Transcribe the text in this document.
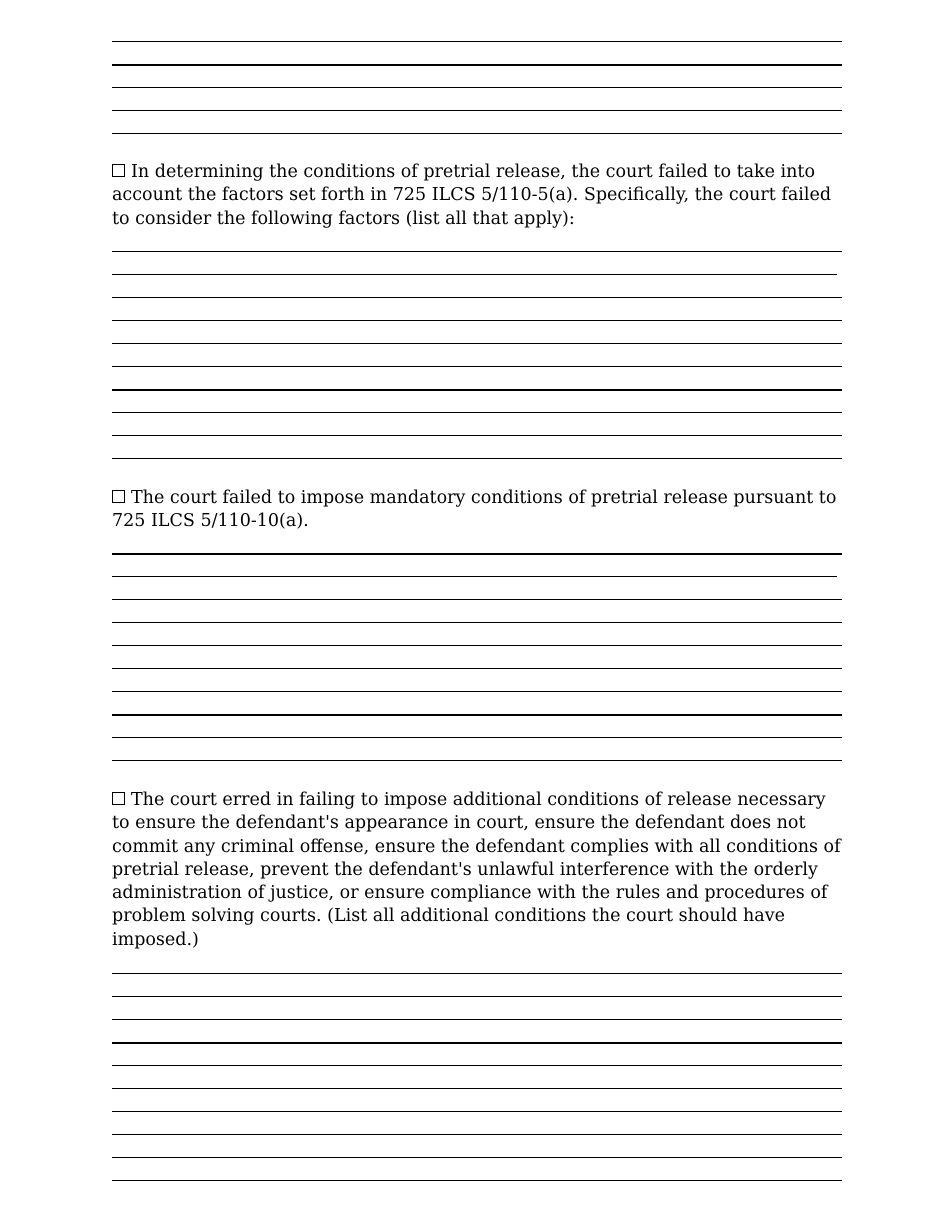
In determining the conditions of pretrial release, the court failed to take into account the factors set forth in 725 ILCS 5/110-5(a). Specifically, the court failed to consider the following factors (list all that apply):

The court failed to impose mandatory conditions of pretrial release pursuant to 725 ILCS 5/110-10(a).

The court erred in failing to impose additional conditions of release necessary to ensure the defendant's appearance in court, ensure the defendant does not commit any criminal offense, ensure the defendant complies with all conditions of pretrial release, prevent the defendant's unlawful interference with the orderly administration of justice, or ensure compliance with the rules and procedures of problem solving courts. (List all additional conditions the court should have imposed.)
